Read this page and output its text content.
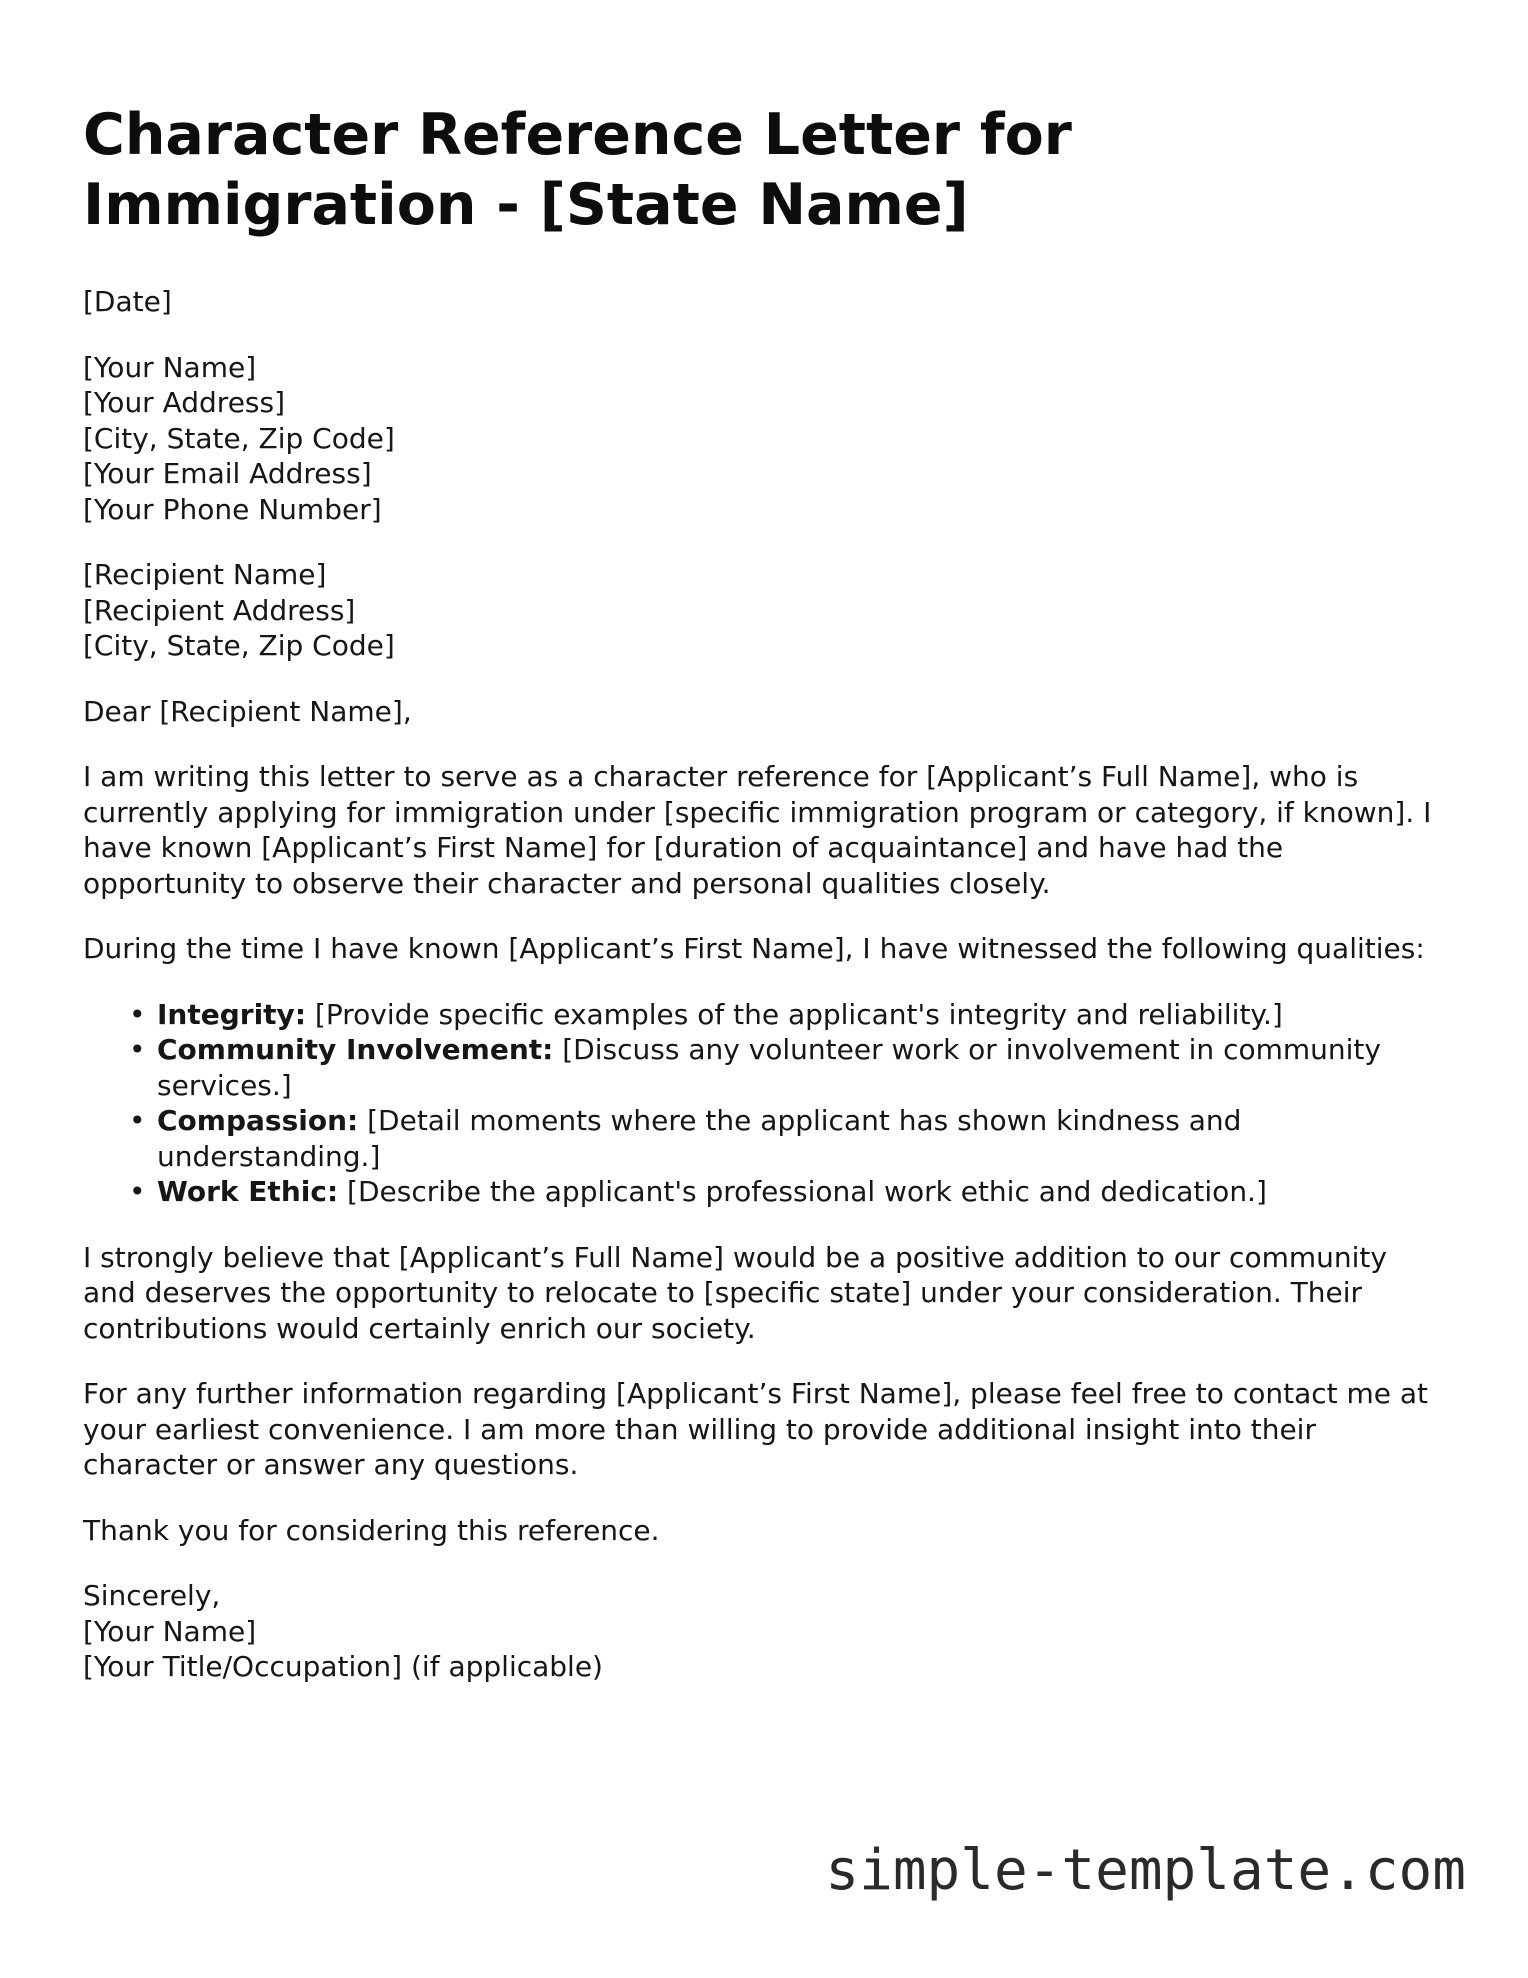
Character Reference Letter for Immigration - [State Name]

[Date]

[Your Name]
[Your Address]
[City, State, Zip Code]
[Your Email Address]
[Your Phone Number]
[Recipient Name]
[Recipient Address]
[City, State, Zip Code]

Dear [Recipient Name],

I am writing this letter to serve as a character reference for [Applicant’s Full Name], who is currently applying for immigration under [specific immigration program or category, if known]. I have known [Applicant’s First Name] for [duration of acquaintance] and have had the opportunity to observe their character and personal qualities closely.

During the time I have known [Applicant’s First Name], I have witnessed the following qualities:

• Integrity: [Provide specific examples of the applicant's integrity and reliability.]
• Community Involvement: [Discuss any volunteer work or involvement in community services.]
• Compassion: [Detail moments where the applicant has shown kindness and understanding.]
• Work Ethic: [Describe the applicant's professional work ethic and dedication.]

I strongly believe that [Applicant’s Full Name] would be a positive addition to our community and deserves the opportunity to relocate to [specific state] under your consideration. Their contributions would certainly enrich our society.

For any further information regarding [Applicant’s First Name], please feel free to contact me at your earliest convenience. I am more than willing to provide additional insight into their character or answer any questions.

Thank you for considering this reference.

Sincerely,
[Your Name]
[Your Title/Occupation] (if applicable)
simple-template.com
